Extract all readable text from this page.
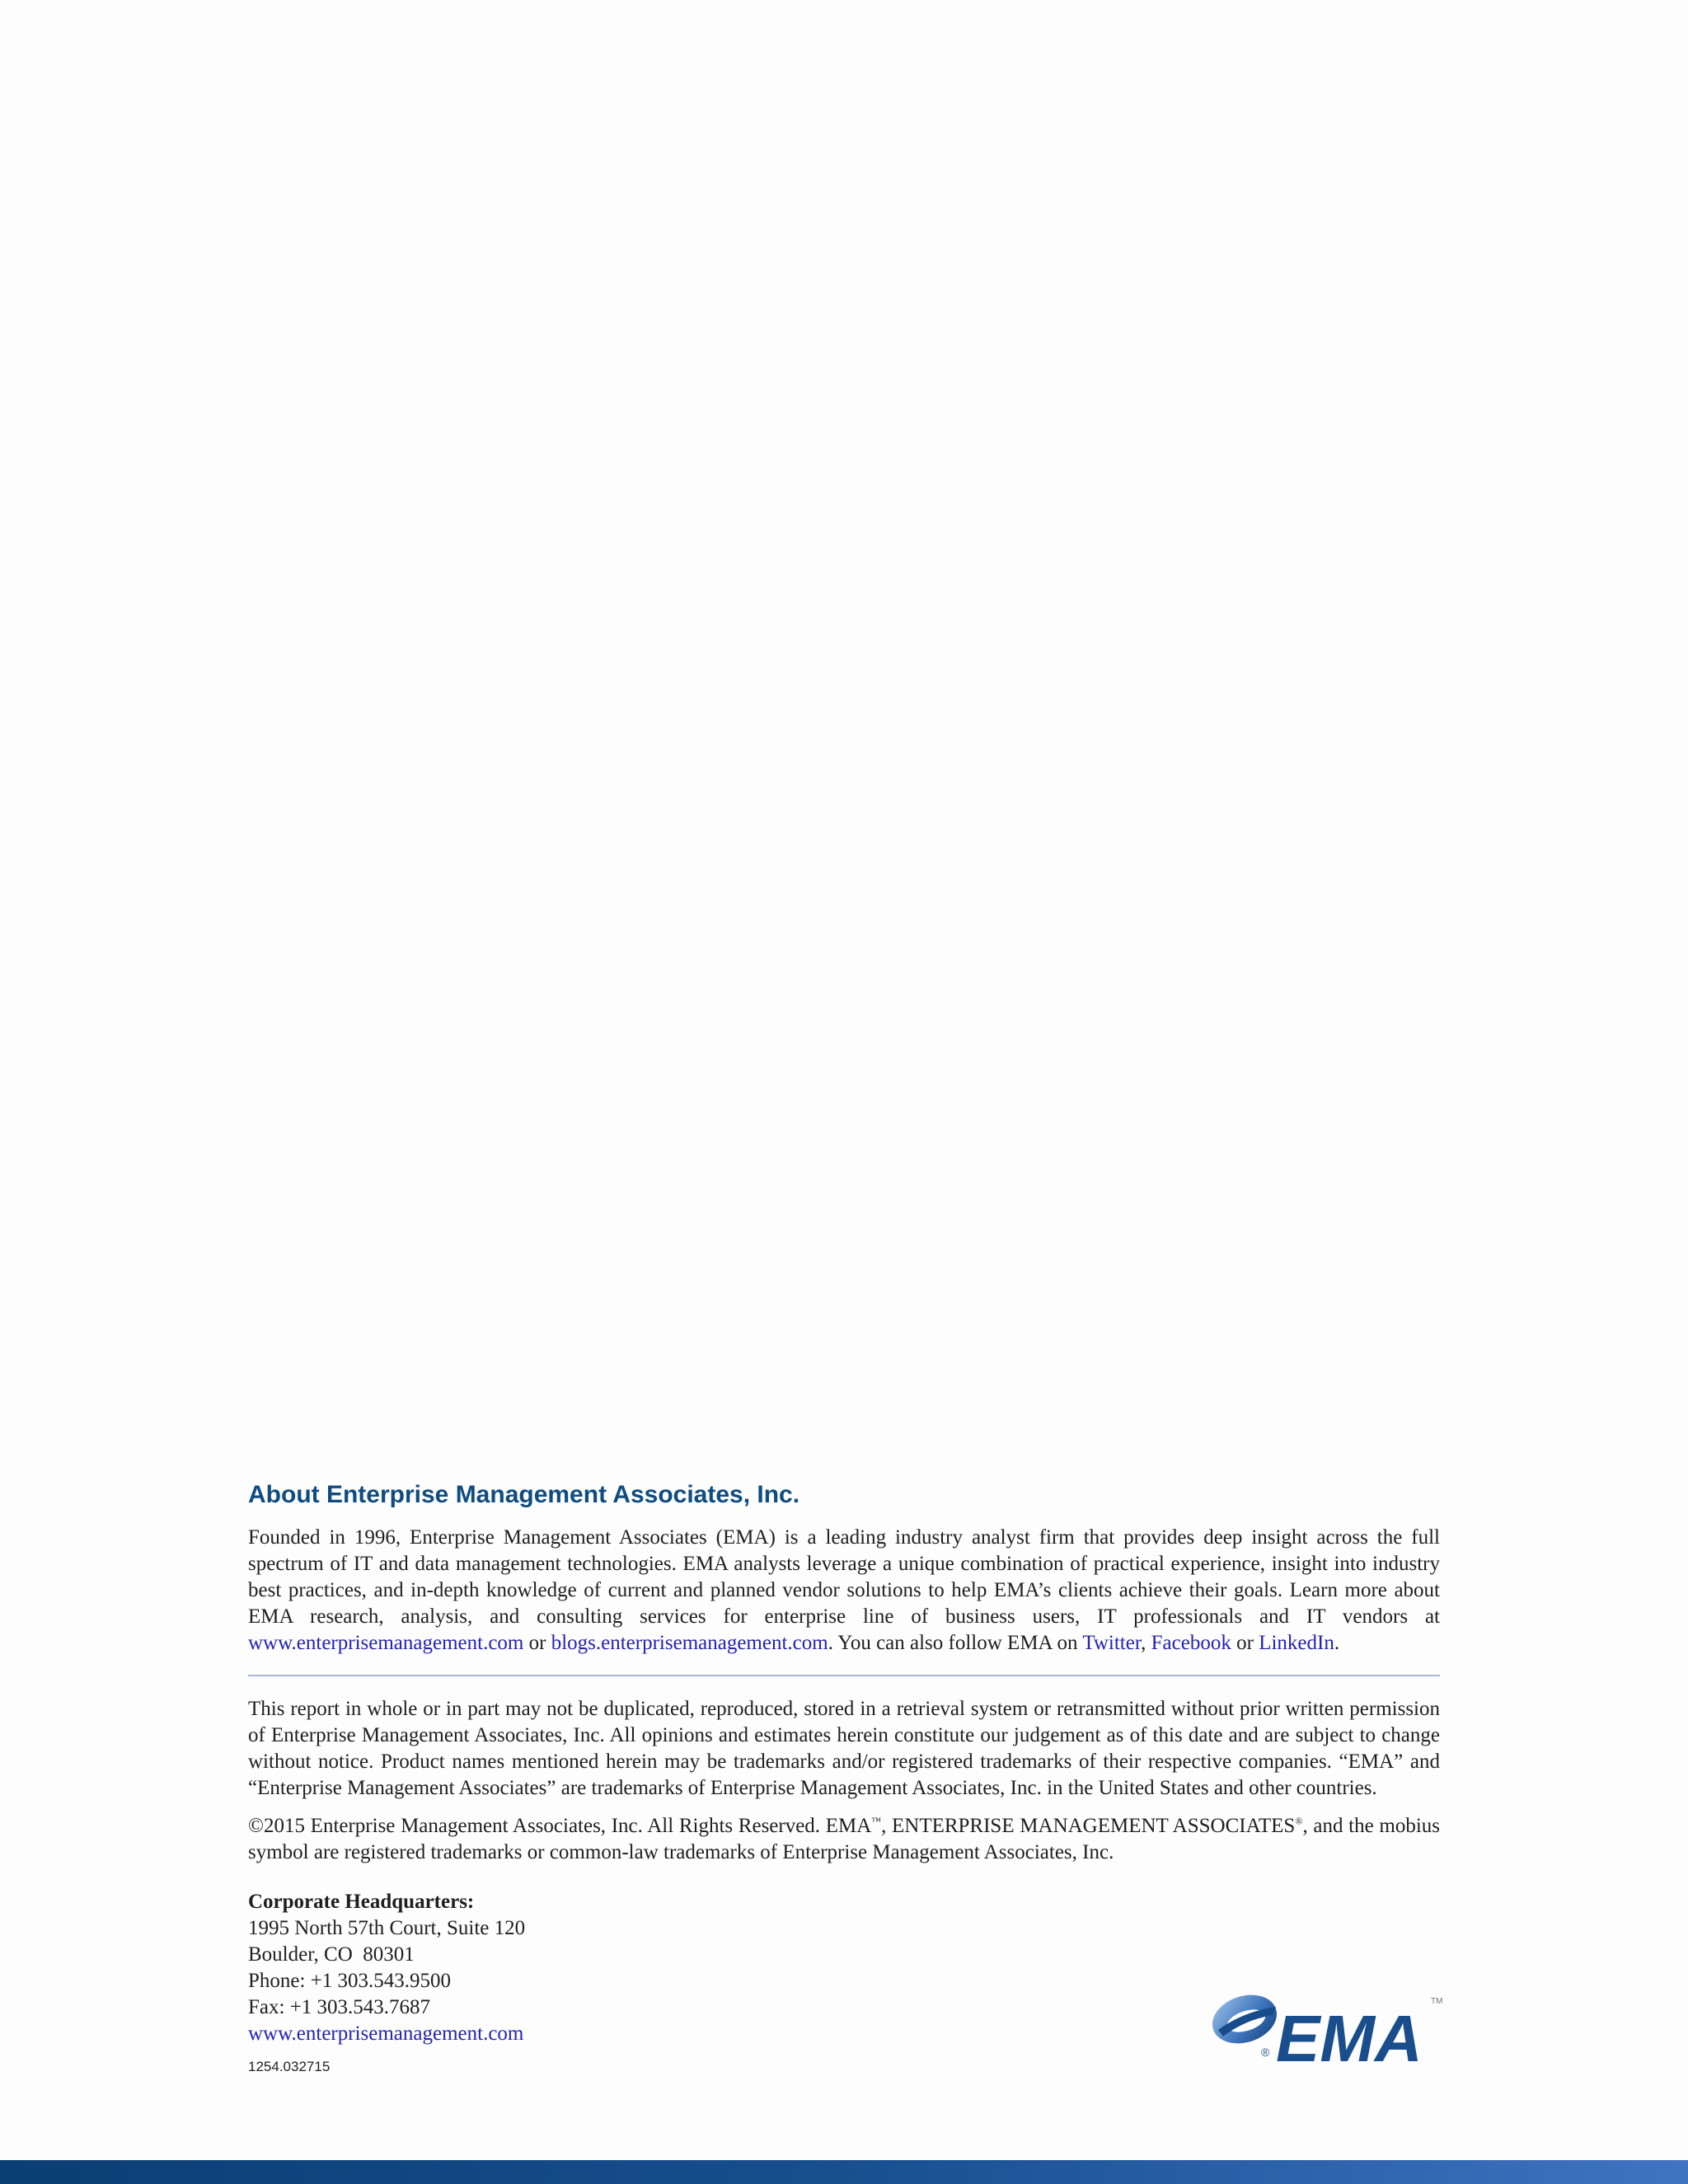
About Enterprise Management Associates, Inc.

Founded in 1996, Enterprise Management Associates (EMA) is a leading industry analyst firm that provides deep insight across the full spectrum of IT and data management technologies. EMA analysts leverage a unique combination of practical experience, insight into industry best practices, and in-depth knowledge of current and planned vendor solutions to help EMA’s clients achieve their goals. Learn more about EMA research, analysis, and consulting services for enterprise line of business users, IT professionals and IT vendors at www.enterprisemanagement.com or blogs.enterprisemanagement.com. You can also follow EMA on Twitter, Facebook or LinkedIn.

This report in whole or in part may not be duplicated, reproduced, stored in a retrieval system or retransmitted without prior written permission of Enterprise Management Associates, Inc. All opinions and estimates herein constitute our judgement as of this date and are subject to change without notice. Product names mentioned herein may be trademarks and/or registered trademarks of their respective companies. “EMA” and “Enterprise Management Associates” are trademarks of Enterprise Management Associates, Inc. in the United States and other countries.

©2015 Enterprise Management Associates, Inc. All Rights Reserved. EMA™, ENTERPRISE MANAGEMENT ASSOCIATES®, and the mobius symbol are registered trademarks or common-law trademarks of Enterprise Management Associates, Inc.

Corporate Headquarters:
1995 North 57th Court, Suite 120
Boulder, CO  80301
Phone: +1 303.543.9500
Fax: +1 303.543.7687
www.enterprisemanagement.com
1254.032715	EMA
®
TM
